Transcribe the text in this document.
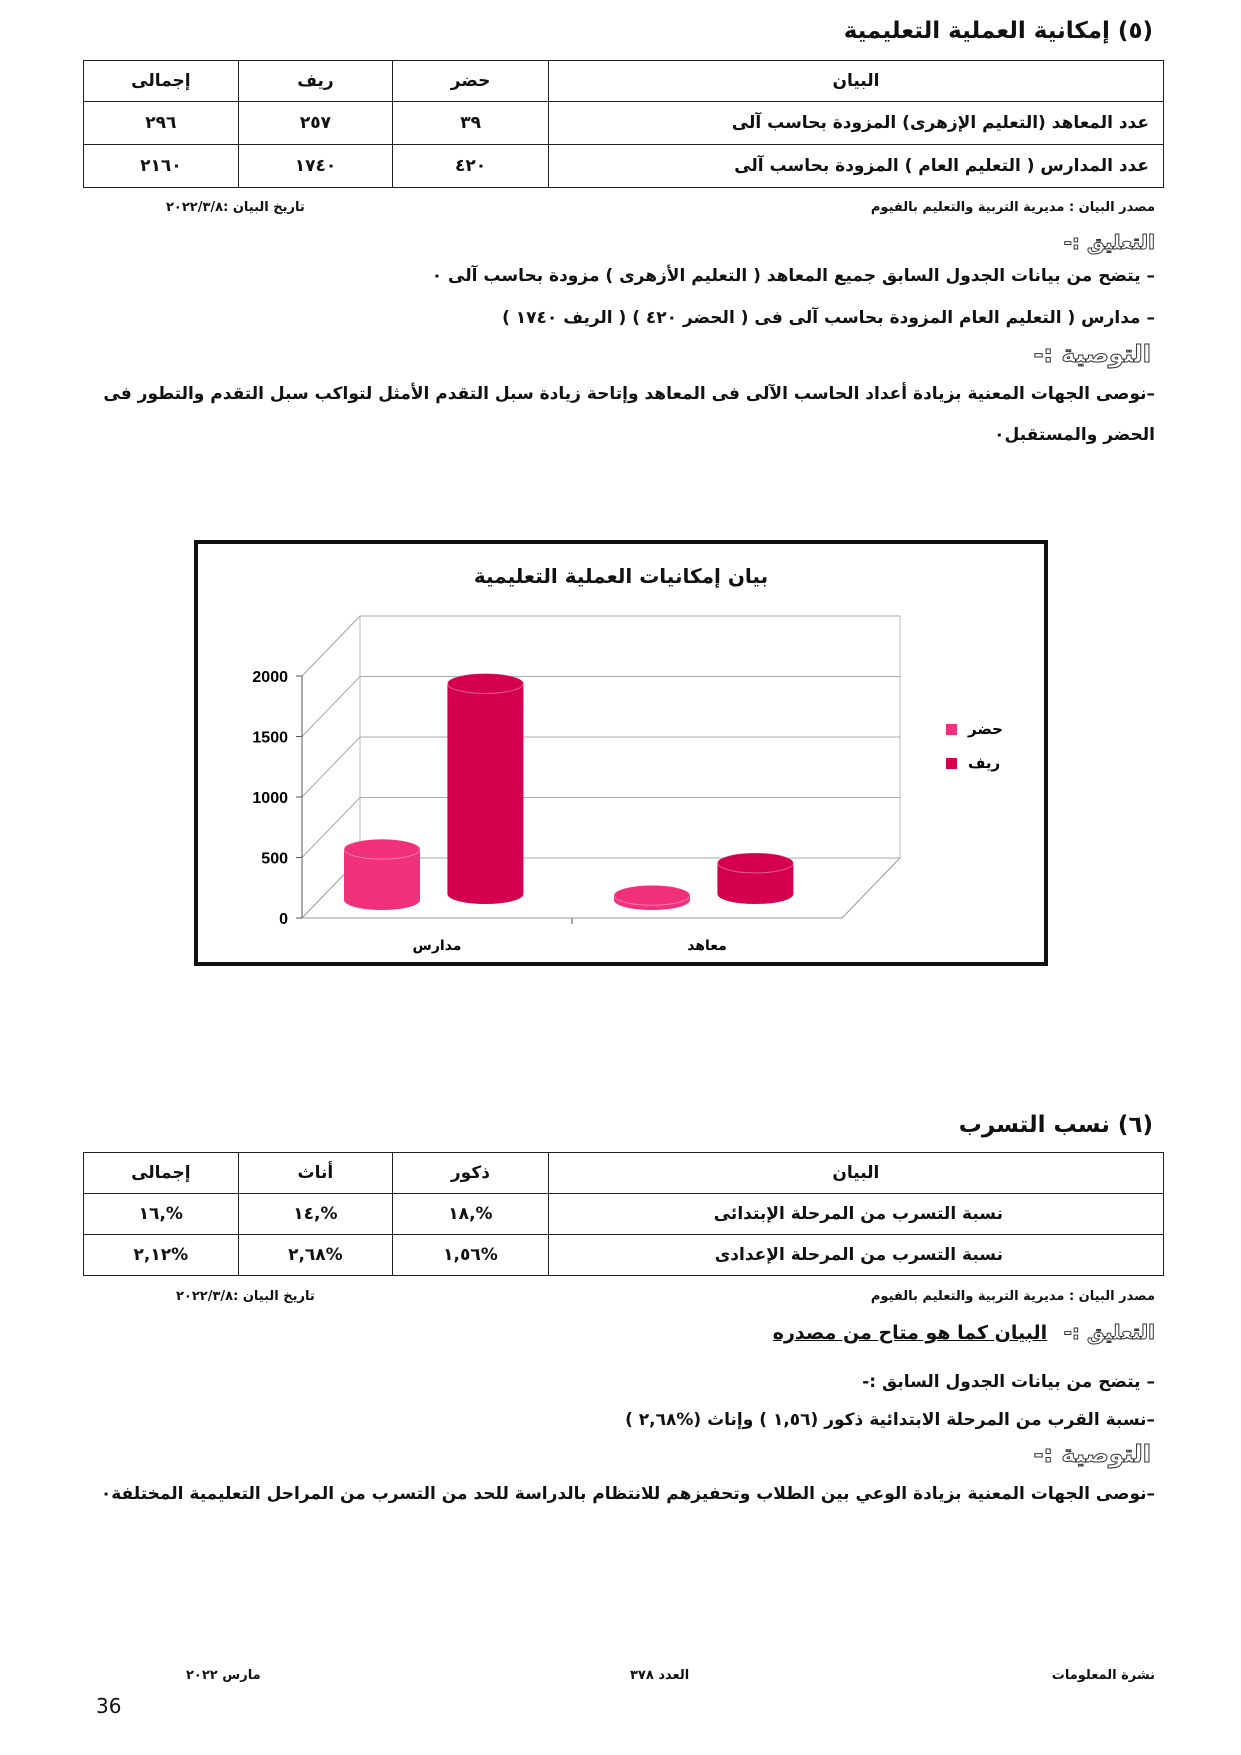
(٥) إمكانية العملية التعليمية
البيان	حضر	ريف	إجمالى
عدد المعاهد (التعليم الإزهرى) المزودة بحاسب آلى	٣٩	٢٥٧	٢٩٦
عدد المدارس ( التعليم العام ) المزودة بحاسب آلى	٤٢٠	١٧٤٠	٢١٦٠
مصدر البيان : مديرية التربية والتعليم بالفيوم
تاريخ البيان :٢٠٢٢/٣/٨
التعليق :-
– يتضح من بيانات الجدول السابق جميع المعاهد ( التعليم الأزهرى ) مزودة بحاسب آلى ٠
– مدارس ( التعليم العام المزودة بحاسب آلى فى ( الحضر ٤٢٠ ) ( الريف ١٧٤٠ )
التوصية :-
–نوصى الجهات المعنية بزيادة أعداد الحاسب الآلى فى المعاهد وإتاحة زيادة سبل التقدم الأمثل لتواكب سبل التقدم والتطور فى
الحضر والمستقبل٠
بيان إمكانيات العملية التعليمية
0
500
1000
1500
2000
مدارس	معاهد
حضر
ريف
(٦) نسب التسرب
البيان	ذكور	أناث	إجمالى
نسبة التسرب من المرحلة الإبتدائى	%,١٨	%,١٤	%,١٦
نسبة التسرب من المرحلة الإعدادى	%١,٥٦	%٢,٦٨	%٢,١٢
مصدر البيان : مديرية التربية والتعليم بالفيوم
تاريخ البيان :٢٠٢٢/٣/٨
التعليق :- البيان كما هو متاح من مصدره
– يتضح من بيانات الجدول السابق :-
–نسبة القرب من المرحلة الابتدائية ذكور (١,٥٦ ) وإناث (%٢,٦٨ )
التوصية :-
–نوصى الجهات المعنية بزيادة الوعي بين الطلاب وتحفيزهم للانتظام بالدراسة للحد من التسرب من المراحل التعليمية المختلفة٠
نشرة المعلومات
العدد ٣٧٨
مارس ٢٠٢٢
36
